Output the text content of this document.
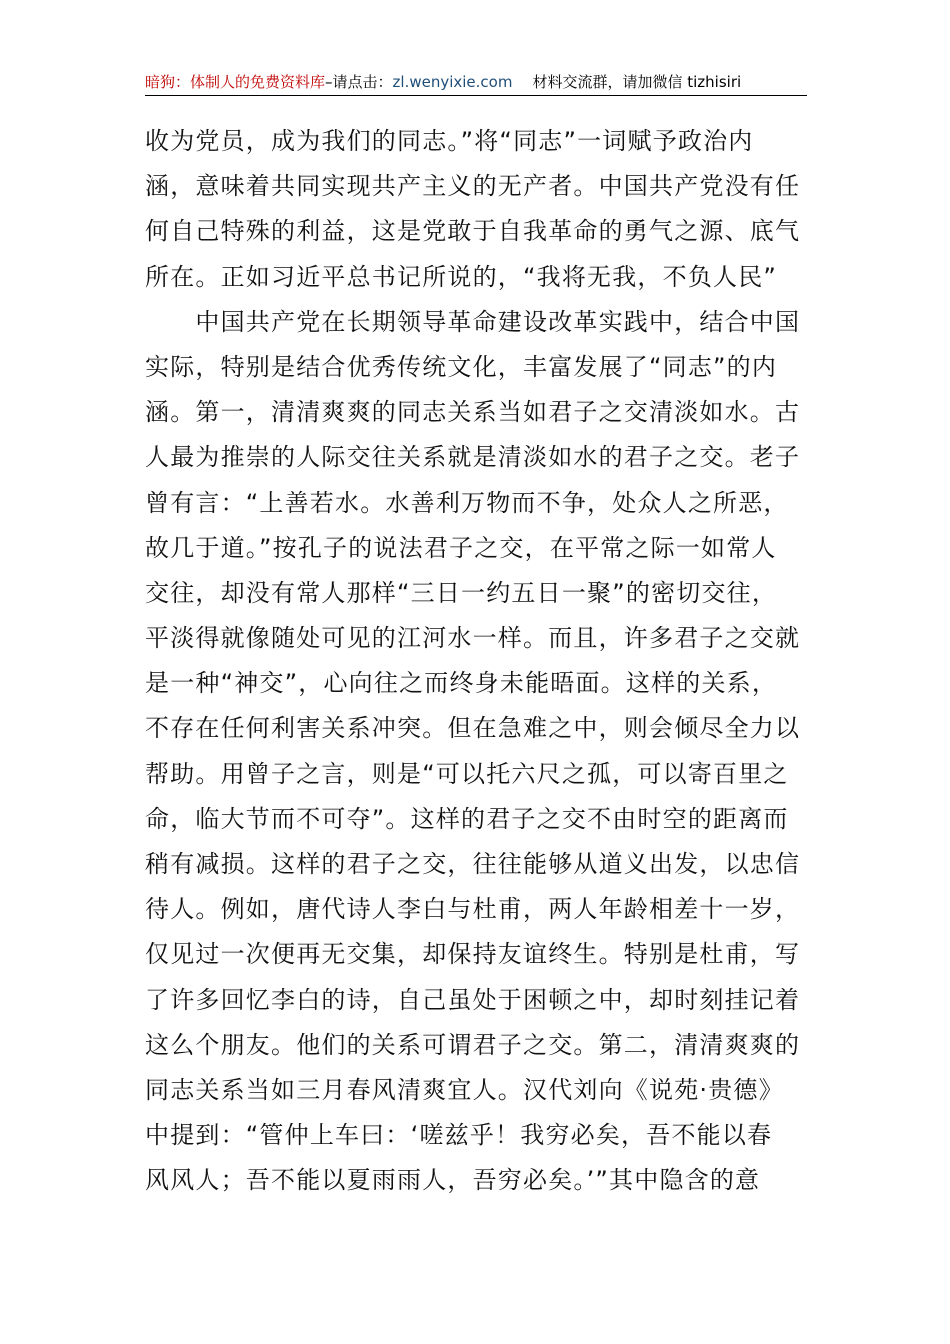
暗狗：体制人的免费资料库–请点击：zl.wenyixie.com 材料交流群，请加微信 tizhisiri
收为党员，成为我们的同志。”将“同志”一词赋予政治内
涵，意味着共同实现共产主义的无产者。中国共产党没有任
何自己特殊的利益，这是党敢于自我革命的勇气之源、底气
所在。正如习近平总书记所说的，“我将无我，不负人民”
　　中国共产党在长期领导革命建设改革实践中，结合中国
实际，特别是结合优秀传统文化，丰富发展了“同志”的内
涵。第一，清清爽爽的同志关系当如君子之交清淡如水。古
人最为推崇的人际交往关系就是清淡如水的君子之交。老子
曾有言：“上善若水。水善利万物而不争，处众人之所恶，
故几于道。”按孔子的说法君子之交，在平常之际一如常人
交往，却没有常人那样“三日一约五日一聚”的密切交往，
平淡得就像随处可见的江河水一样。而且，许多君子之交就
是一种“神交”，心向往之而终身未能晤面。这样的关系，
不存在任何利害关系冲突。但在急难之中，则会倾尽全力以
帮助。用曾子之言，则是“可以托六尺之孤，可以寄百里之
命，临大节而不可夺”。这样的君子之交不由时空的距离而
稍有减损。这样的君子之交，往往能够从道义出发，以忠信
待人。例如，唐代诗人李白与杜甫，两人年龄相差十一岁，
仅见过一次便再无交集，却保持友谊终生。特别是杜甫，写
了许多回忆李白的诗，自己虽处于困顿之中，却时刻挂记着
这么个朋友。他们的关系可谓君子之交。第二，清清爽爽的
同志关系当如三月春风清爽宜人。汉代刘向《说苑·贵德》
中提到：“管仲上车曰：‘嗟兹乎！我穷必矣，吾不能以春
风风人；吾不能以夏雨雨人，吾穷必矣。’”其中隐含的意
